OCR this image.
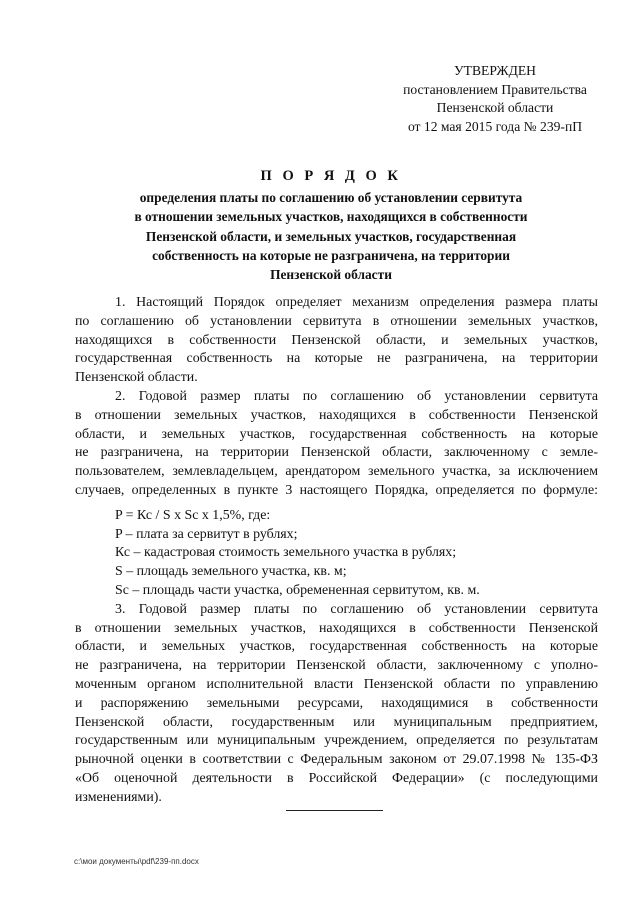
УТВЕРЖДЕН
постановлением Правительства
Пензенской области
от 12 мая 2015 года № 239-пП
П О Р Я Д О К
определения платы по соглашению об установлении сервитута
в отношении земельных участков, находящихся в собственности
Пензенской области, и земельных участков, государственная
собственность на которые не разграничена, на территории
Пензенской области
1. Настоящий Порядок определяет механизм определения размера платы
по соглашению об установлении сервитута в отношении земельных участков,
находящихся в собственности Пензенской области, и земельных участков,
государственная собственность на которые не разграничена, на территории
Пензенской области.
2. Годовой размер платы по соглашению об установлении сервитута
в отношении земельных участков, находящихся в собственности Пензенской
области, и земельных участков, государственная собственность на которые
не разграничена, на территории Пензенской области, заключенному с земле-
пользователем, землевладельцем, арендатором земельного участка, за исключением
случаев, определенных в пункте 3 настоящего Порядка, определяется по формуле:
P = Кс / S х Sc х 1,5%, где:
P – плата за сервитут в рублях;
Кс – кадастровая стоимость земельного участка в рублях;
S – площадь земельного участка, кв. м;
Sc – площадь части участка, обремененная сервитутом, кв. м.
3. Годовой размер платы по соглашению об установлении сервитута
в отношении земельных участков, находящихся в собственности Пензенской
области, и земельных участков, государственная собственность на которые
не разграничена, на территории Пензенской области, заключенному с уполно-
моченным органом исполнительной власти Пензенской области по управлению
и распоряжению земельными ресурсами, находящимися в собственности
Пензенской области, государственным или муниципальным предприятием,
государственным или муниципальным учреждением, определяется по результатам
рыночной оценки в соответствии с Федеральным законом от 29.07.1998 № 135-ФЗ
«Об оценочной деятельности в Российской Федерации» (с последующими
изменениями).
c:\мои документы\pdf\239-пп.docx
